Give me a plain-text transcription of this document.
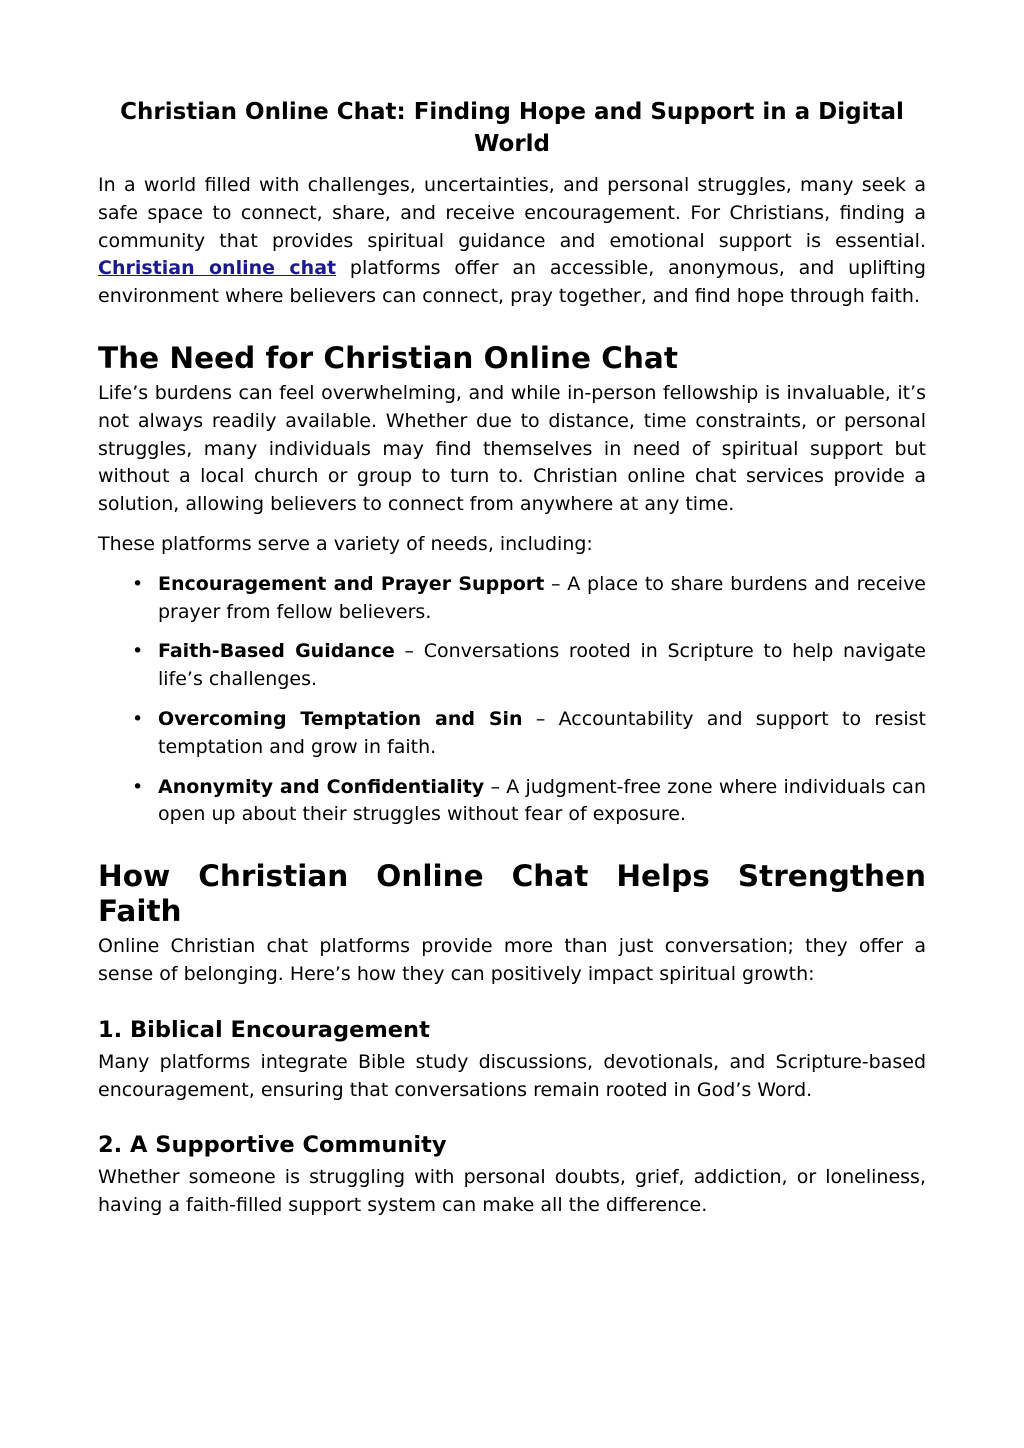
Christian Online Chat: Finding Hope and Support in a Digital World

In a world filled with challenges, uncertainties, and personal struggles, many seek a safe space to connect, share, and receive encouragement. For Christians, finding a community that provides spiritual guidance and emotional support is essential. Christian online chat platforms offer an accessible, anonymous, and uplifting environment where believers can connect, pray together, and find hope through faith.

The Need for Christian Online Chat

Life’s burdens can feel overwhelming, and while in-person fellowship is invaluable, it’s not always readily available. Whether due to distance, time constraints, or personal struggles, many individuals may find themselves in need of spiritual support but without a local church or group to turn to. Christian online chat services provide a solution, allowing believers to connect from anywhere at any time.

These platforms serve a variety of needs, including:

• Encouragement and Prayer Support – A place to share burdens and receive prayer from fellow believers.
• Faith-Based Guidance – Conversations rooted in Scripture to help navigate life’s challenges.
• Overcoming Temptation and Sin – Accountability and support to resist temptation and grow in faith.
• Anonymity and Confidentiality – A judgment-free zone where individuals can open up about their struggles without fear of exposure.
How Christian Online Chat Helps Strengthen Faith

Online Christian chat platforms provide more than just conversation; they offer a sense of belonging. Here’s how they can positively impact spiritual growth:

1. Biblical Encouragement

Many platforms integrate Bible study discussions, devotionals, and Scripture-based encouragement, ensuring that conversations remain rooted in God’s Word.

2. A Supportive Community

Whether someone is struggling with personal doubts, grief, addiction, or loneliness, having a faith-filled support system can make all the difference.
